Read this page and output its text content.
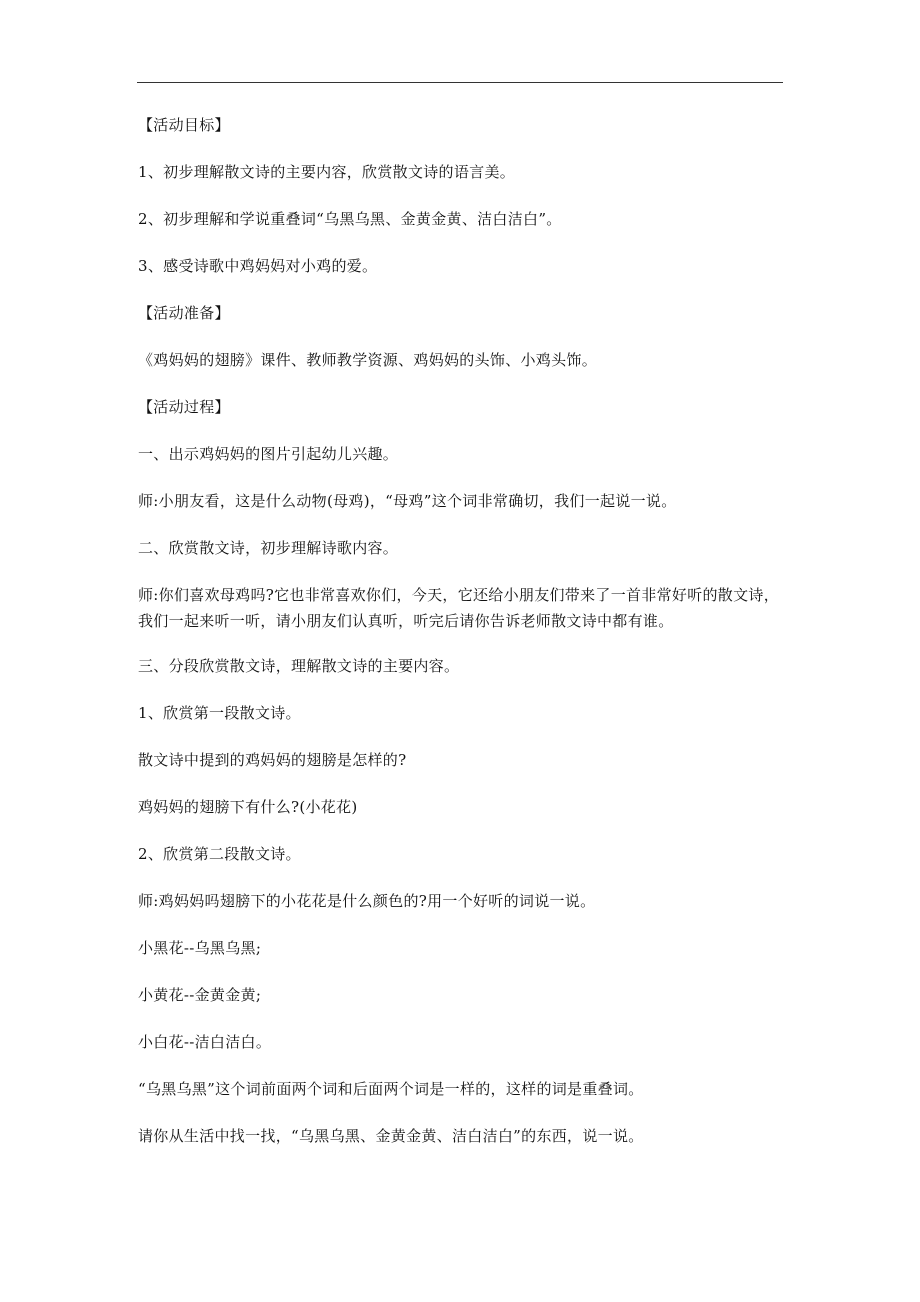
【活动目标】

1、初步理解散文诗的主要内容，欣赏散文诗的语言美。

2、初步理解和学说重叠词“乌黑乌黑、金黄金黄、洁白洁白”。

3、感受诗歌中鸡妈妈对小鸡的爱。

【活动准备】

《鸡妈妈的翅膀》课件、教师教学资源、鸡妈妈的头饰、小鸡头饰。

【活动过程】

一、出示鸡妈妈的图片引起幼儿兴趣。

师:小朋友看，这是什么动物(母鸡)，“母鸡”这个词非常确切，我们一起说一说。

二、欣赏散文诗，初步理解诗歌内容。

师:你们喜欢母鸡吗?它也非常喜欢你们，今天，它还给小朋友们带来了一首非常好听的散文诗，我们一起来听一听，请小朋友们认真听，听完后请你告诉老师散文诗中都有谁。

三、分段欣赏散文诗，理解散文诗的主要内容。

1、欣赏第一段散文诗。

散文诗中提到的鸡妈妈的翅膀是怎样的?

鸡妈妈的翅膀下有什么?(小花花)

2、欣赏第二段散文诗。

师:鸡妈妈吗翅膀下的小花花是什么颜色的?用一个好听的词说一说。

小黑花--乌黑乌黑;

小黄花--金黄金黄;

小白花--洁白洁白。

“乌黑乌黑”这个词前面两个词和后面两个词是一样的，这样的词是重叠词。

请你从生活中找一找，“乌黑乌黑、金黄金黄、洁白洁白”的东西，说一说。
